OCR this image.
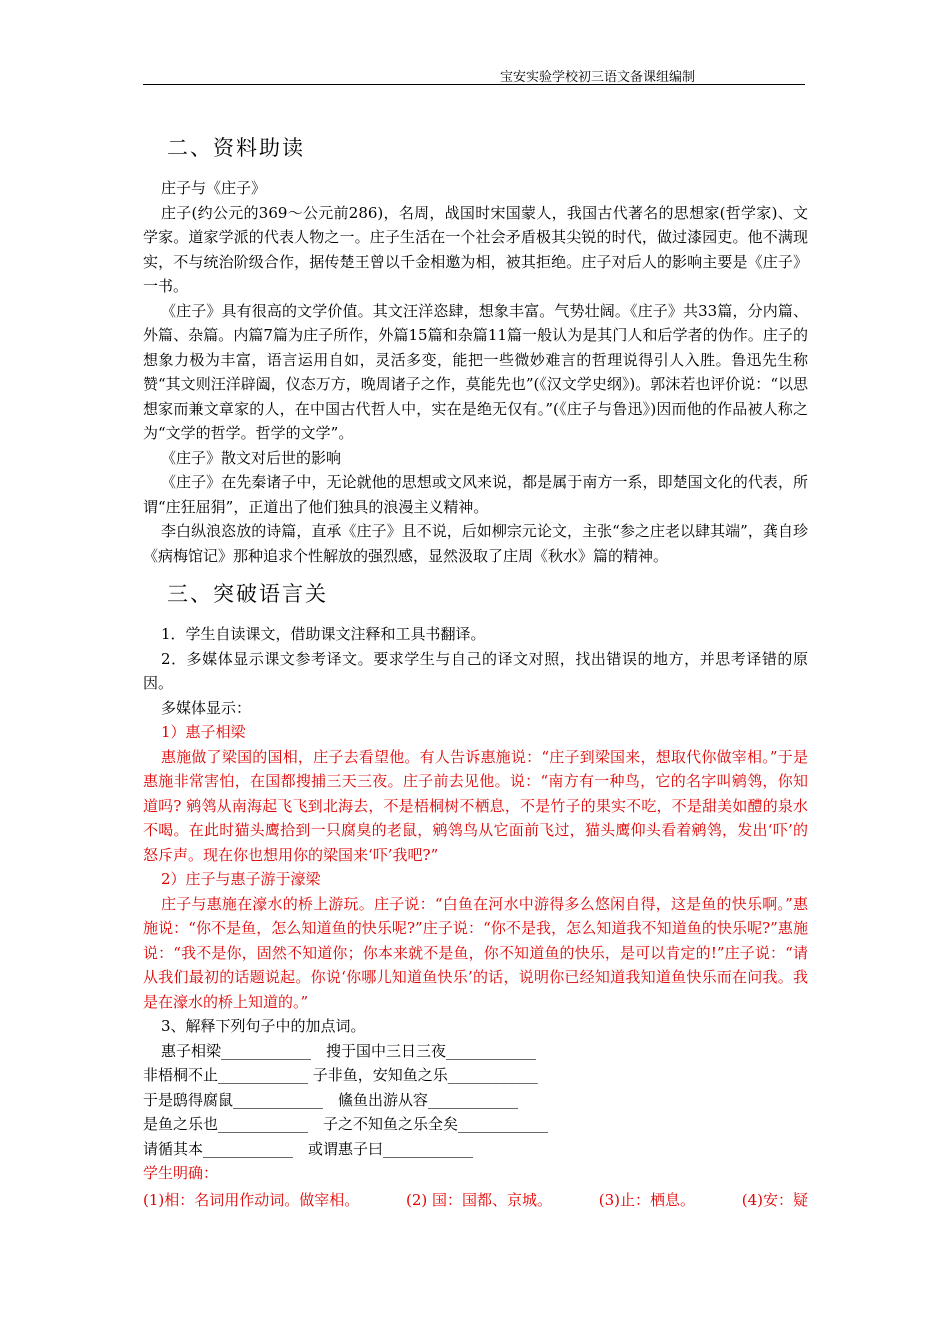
宝安实验学校初三语文备课组编制
二、资料助读

庄子与《庄子》

庄子(约公元的369～公元前286)，名周，战国时宋国蒙人，我国古代著名的思想家(哲学家)、文学家。道家学派的代表人物之一。庄子生活在一个社会矛盾极其尖锐的时代，做过漆园吏。他不满现实，不与统治阶级合作，据传楚王曾以千金相邀为相，被其拒绝。庄子对后人的影响主要是《庄子》一书。

《庄子》具有很高的文学价值。其文汪洋恣肆，想象丰富。气势壮阔。《庄子》共33篇，分内篇、外篇、杂篇。内篇7篇为庄子所作，外篇15篇和杂篇11篇一般认为是其门人和后学者的伪作。庄子的想象力极为丰富，语言运用自如，灵活多变，能把一些微妙难言的哲理说得引人入胜。鲁迅先生称赞“其文则汪洋辟阖，仪态万方，晚周诸子之作，莫能先也”(《汉文学史纲》)。郭沫若也评价说：“以思想家而兼文章家的人，在中国古代哲人中，实在是绝无仅有。”(《庄子与鲁迅》)因而他的作品被人称之为“文学的哲学。哲学的文学”。

《庄子》散文对后世的影响

《庄子》在先秦诸子中，无论就他的思想或文风来说，都是属于南方一系，即楚国文化的代表，所谓“庄狂屈狷”，正道出了他们独具的浪漫主义精神。

李白纵浪恣放的诗篇，直承《庄子》且不说，后如柳宗元论文，主张“参之庄老以肆其端”，龚自珍《病梅馆记》那种追求个性解放的强烈感，显然汲取了庄周《秋水》篇的精神。

三、突破语言关

1．学生自读课文，借助课文注释和工具书翻译。

2．多媒体显示课文参考译文。要求学生与自己的译文对照，找出错误的地方，并思考译错的原因。

多媒体显示：

1）惠子相梁

惠施做了梁国的国相，庄子去看望他。有人告诉惠施说：“庄子到梁国来，想取代你做宰相。”于是惠施非常害怕，在国都搜捕三天三夜。庄子前去见他。说：“南方有一种鸟，它的名字叫鹓鸰，你知道吗? 鹓鸰从南海起飞飞到北海去，不是梧桐树不栖息，不是竹子的果实不吃，不是甜美如醴的泉水不喝。在此时猫头鹰拾到一只腐臭的老鼠，鹓鸰鸟从它面前飞过，猫头鹰仰头看着鹓鸰，发出‘吓’的怒斥声。现在你也想用你的梁国来‘吓’我吧?”

2）庄子与惠子游于濠梁

庄子与惠施在濠水的桥上游玩。庄子说：“白鱼在河水中游得多么悠闲自得，这是鱼的快乐啊。”惠施说：“你不是鱼，怎么知道鱼的快乐呢?”庄子说：“你不是我，怎么知道我不知道鱼的快乐呢?”惠施说：“我不是你，固然不知道你；你本来就不是鱼，你不知道鱼的快乐，是可以肯定的!”庄子说：“请从我们最初的话题说起。你说‘你哪儿知道鱼快乐’的话，说明你已经知道我知道鱼快乐而在问我。我是在濠水的桥上知道的。”

3、解释下列句子中的加点词。

惠子相梁____________　搜于国中三日三夜____________

非梧桐不止____________ 子非鱼，安知鱼之乐____________

于是鸱得腐鼠____________　鯈鱼出游从容____________

是鱼之乐也____________　子之不知鱼之乐全矣____________

请循其本____________　或谓惠子曰____________

学生明确：

(1)相：名词用作动词。做宰相。	(2) 国：国都、京城。	(3)止：栖息。	(4)安：疑
